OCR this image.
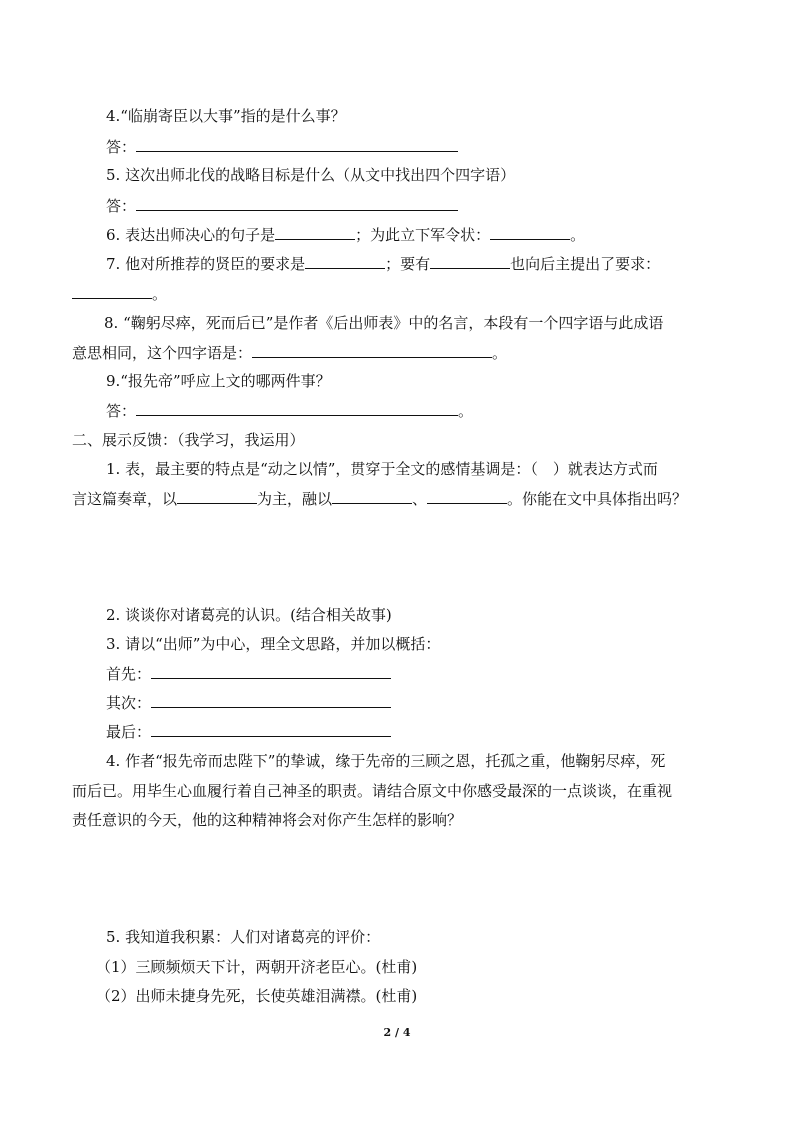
4.“临崩寄臣以大事”指的是什么事？
答：
5. 这次出师北伐的战略目标是什么（从文中找出四个四字语）
答：
6. 表达出师决心的句子是	；为此立下军令状：	。
7. 他对所推荐的贤臣的要求是	；要有	也向后主提出了要求：
。
8. “鞠躬尽瘁，死而后已”是作者《后出师表》中的名言，本段有一个四字语与此成语
意思相同，这个四字语是：	。
9.“报先帝”呼应上文的哪两件事？
答：	。
二、展示反馈：（我学习，我运用）
1. 表，最主要的特点是“动之以情”，贯穿于全文的感情基调是：（　）就表达方式而
言这篇奏章，以	为主，融以	、	。你能在文中具体指出吗？
2. 谈谈你对诸葛亮的认识。(结合相关故事)
3. 请以“出师”为中心，理全文思路，并加以概括：
首先：
其次：
最后：
4. 作者“报先帝而忠陛下”的挚诚，缘于先帝的三顾之恩，托孤之重，他鞠躬尽瘁，死
而后已。用毕生心血履行着自己神圣的职责。请结合原文中你感受最深的一点谈谈，在重视
责任意识的今天，他的这种精神将会对你产生怎样的影响？
5. 我知道我积累：人们对诸葛亮的评价：
（1）三顾频烦天下计，两朝开济老臣心。(杜甫)
（2）出师未捷身先死，长使英雄泪满襟。(杜甫)
2 / 4
